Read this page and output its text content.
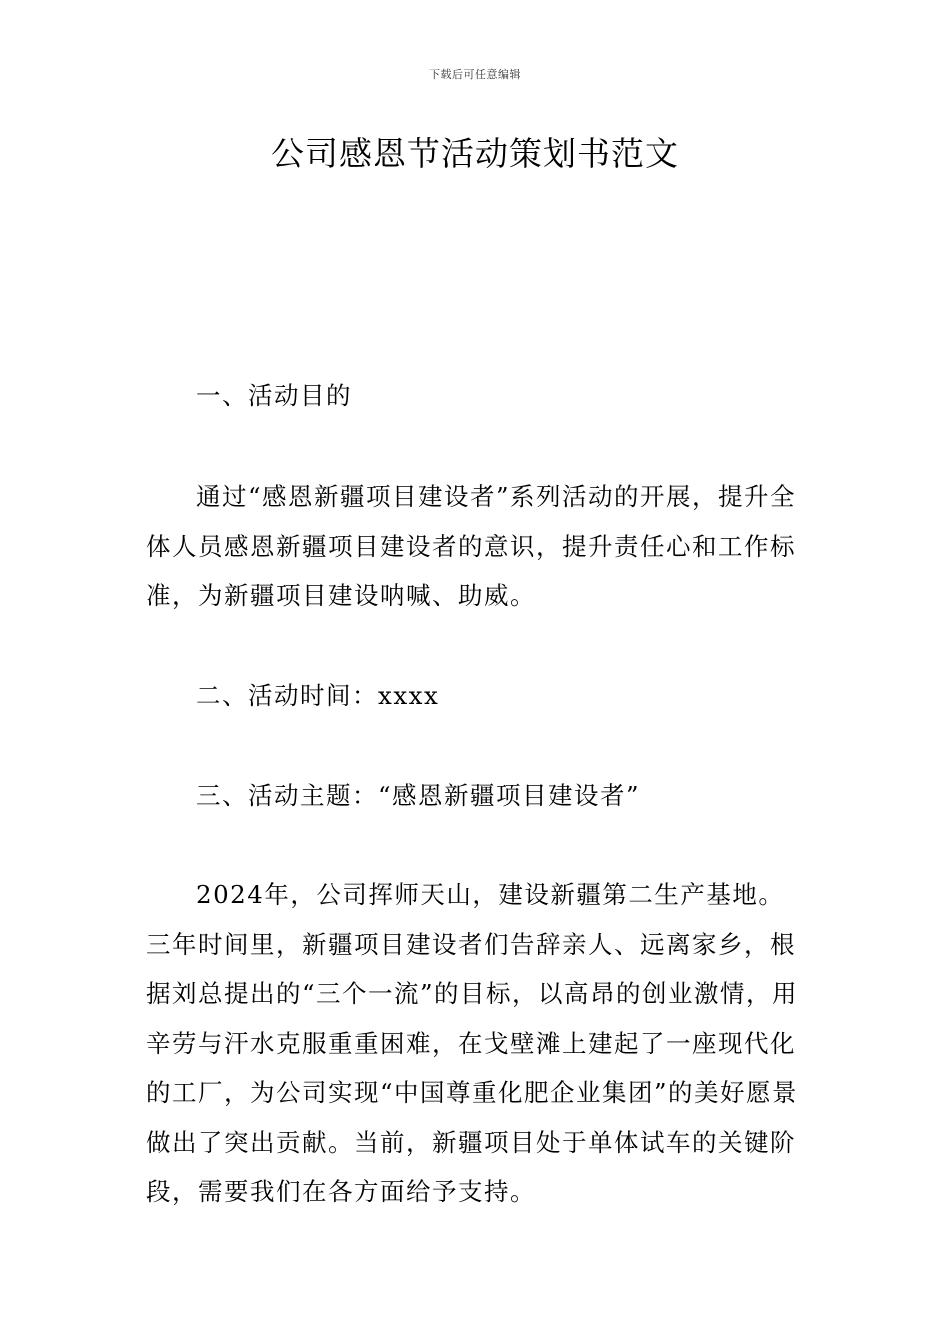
下载后可任意编辑
公司感恩节活动策划书范文

一、活动目的

通过“感恩新疆项目建设者”系列活动的开展，提升全体人员感恩新疆项目建设者的意识，提升责任心和工作标准，为新疆项目建设呐喊、助威。

二、活动时间：xxxx

三、活动主题：“感恩新疆项目建设者”

2024年，公司挥师天山，建设新疆第二生产基地。三年时间里，新疆项目建设者们告辞亲人、远离家乡，根据刘总提出的“三个一流”的目标，以高昂的创业激情，用辛劳与汗水克服重重困难，在戈壁滩上建起了一座现代化的工厂，为公司实现“中国尊重化肥企业集团”的美好愿景做出了突出贡献。当前，新疆项目处于单体试车的关键阶段，需要我们在各方面给予支持。
